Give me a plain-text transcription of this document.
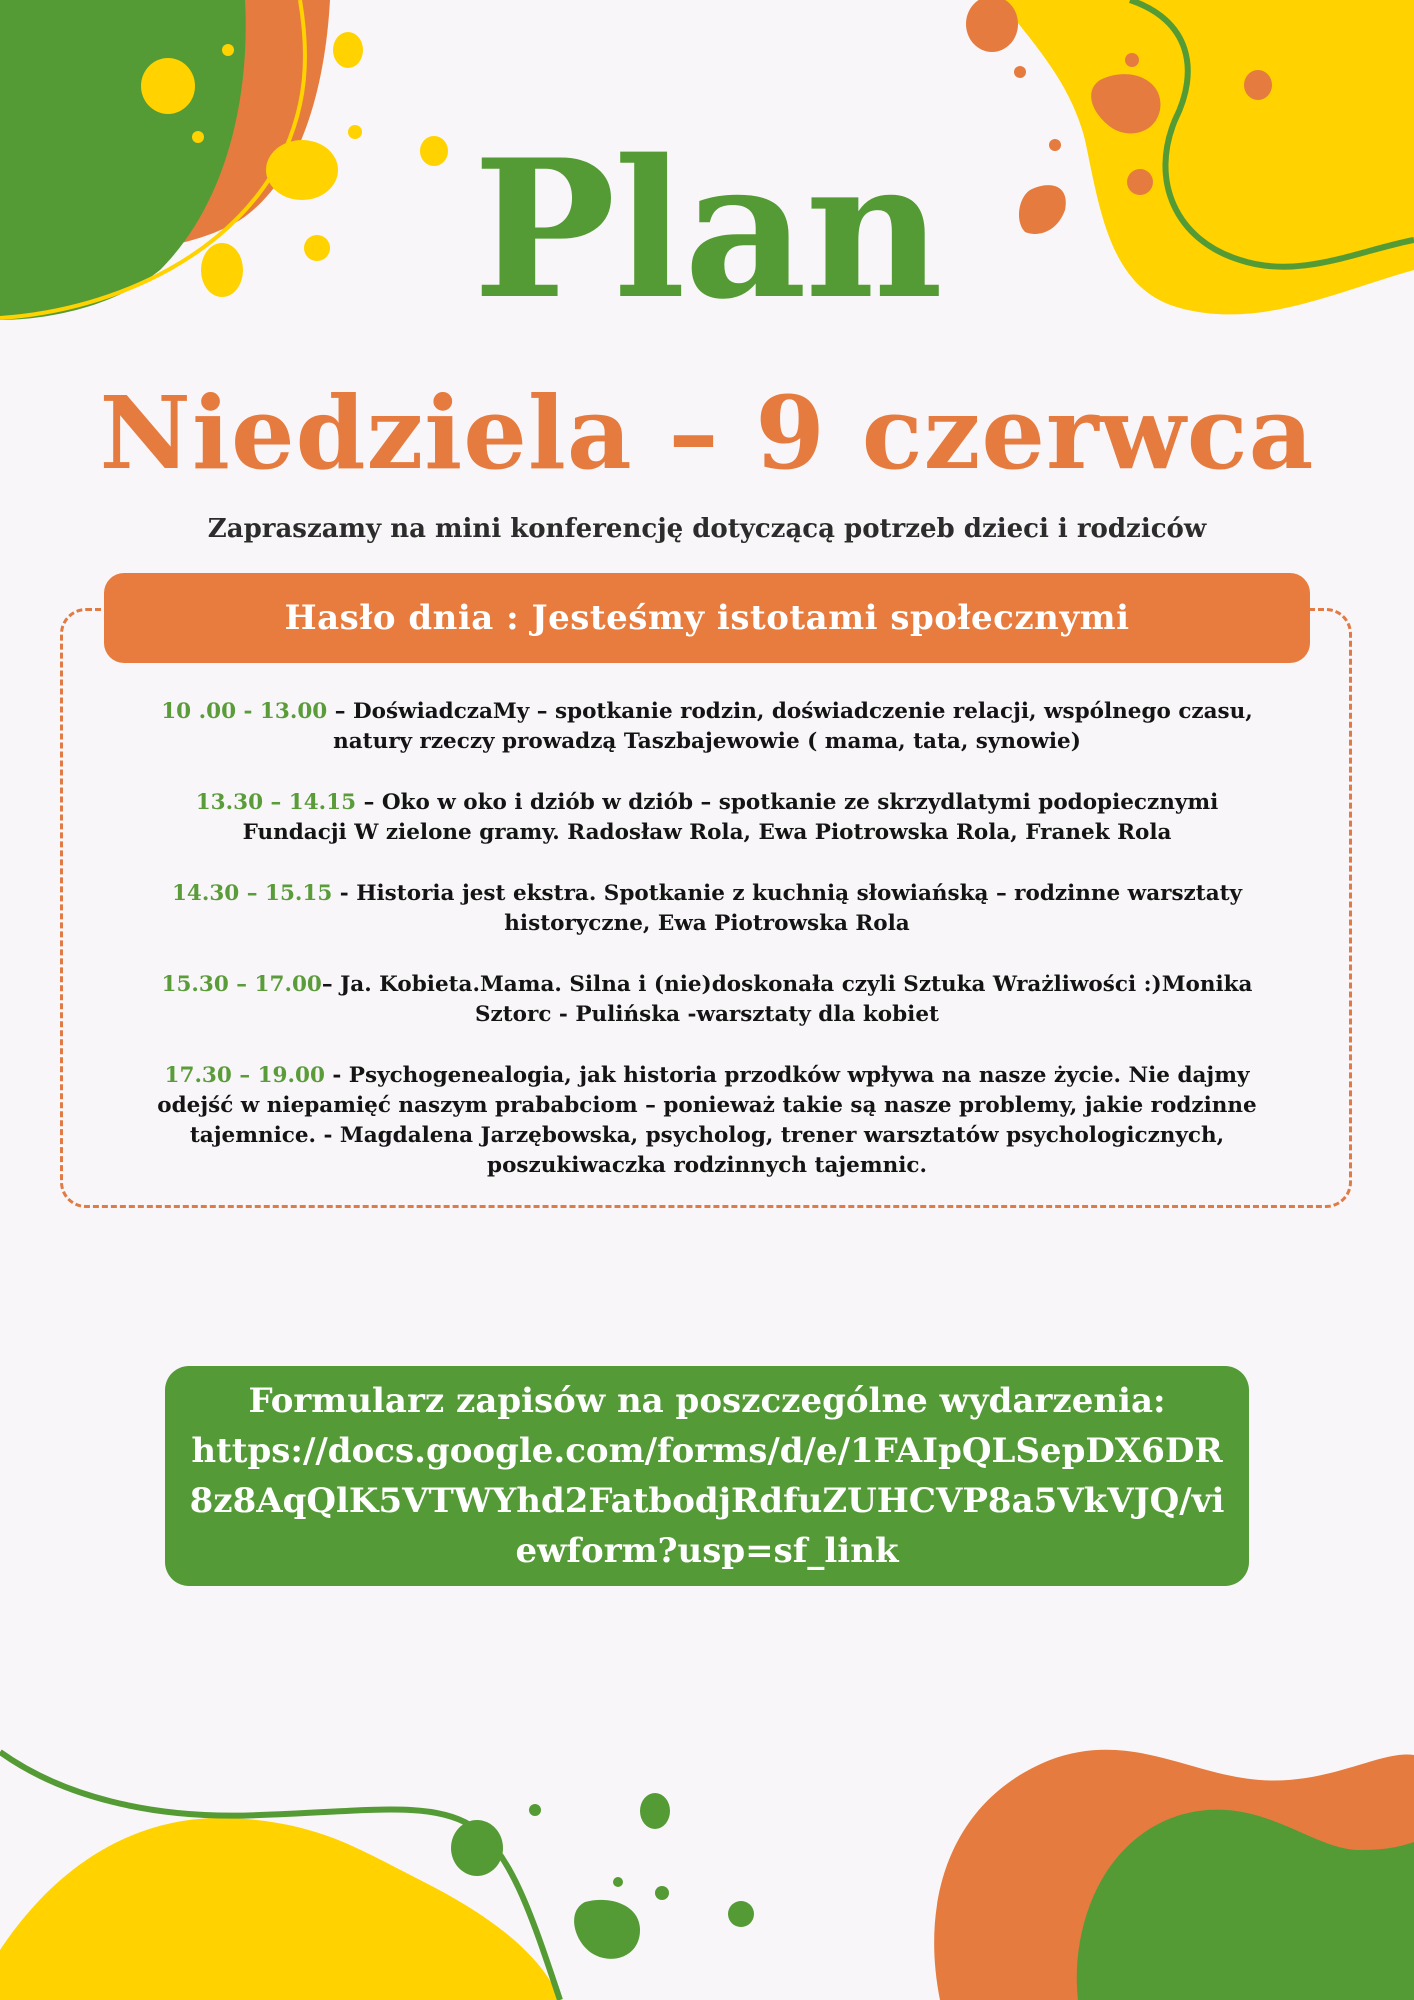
Plan
Niedziela – 9 czerwca
Zapraszamy na mini konferencję dotyczącą potrzeb dzieci i rodziców
Hasło dnia : Jesteśmy istotami społecznymi
10 .00 - 13.00 – DoświadczaMy – spotkanie rodzin, doświadczenie relacji, wspólnego czasu, natury rzeczy prowadzą Taszbajewowie ( mama, tata, synowie)
13.30 – 14.15 – Oko w oko i dziób w dziób – spotkanie ze skrzydlatymi podopiecznymi Fundacji W zielone gramy. Radosław Rola, Ewa Piotrowska Rola, Franek Rola
14.30 – 15.15 - Historia jest ekstra. Spotkanie z kuchnią słowiańską – rodzinne warsztaty historyczne, Ewa Piotrowska Rola
15.30 – 17.00– Ja. Kobieta.Mama. Silna i (nie)doskonała czyli Sztuka Wrażliwości :)Monika Sztorc - Pulińska -warsztaty dla kobiet
17.30 – 19.00 - Psychogenealogia, jak historia przodków wpływa na nasze życie. Nie dajmy odejść w niepamięć naszym prababciom – ponieważ takie są nasze problemy, jakie rodzinne tajemnice. - Magdalena Jarzębowska, psycholog, trener warsztatów psychologicznych, poszukiwaczka rodzinnych tajemnic.
Formularz zapisów na poszczególne wydarzenia:
https://docs.google.com/forms/d/e/1FAIpQLSepDX6DR8z8AqQlK5VTWYhd2FatbodjRdfuZUHCVP8a5VkVJQ/viewform?usp=sf_link
